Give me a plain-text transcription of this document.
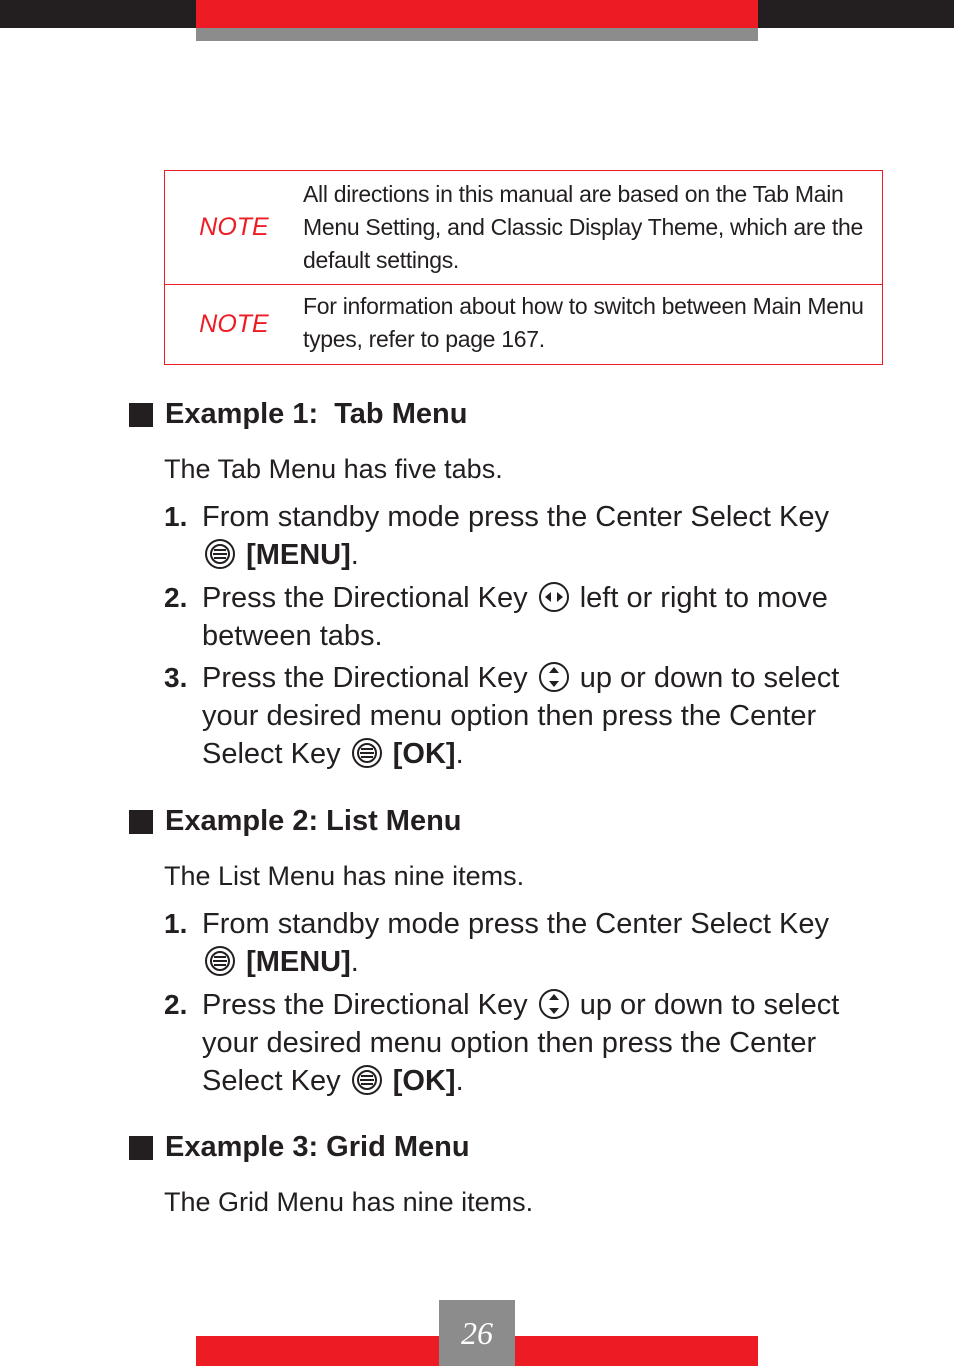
NOTE
All directions in this manual are based on the Tab Main Menu Setting, and Classic Display Theme, which are the default settings.
NOTE
For information about how to switch between Main Menu types, refer to page 167.
Example 1:  Tab Menu
The Tab Menu has five tabs.
1. From standby mode press the Center Select Key
[MENU].
2. Press the Directional Key left or right to move between tabs.
3. Press the Directional Key up or down to select your desired menu option then press the Center Select Key [OK].
Example 2: List Menu
The List Menu has nine items.
1. From standby mode press the Center Select Key
[MENU].
2. Press the Directional Key up or down to select your desired menu option then press the Center Select Key [OK].
Example 3: Grid Menu
The Grid Menu has nine items.
26
